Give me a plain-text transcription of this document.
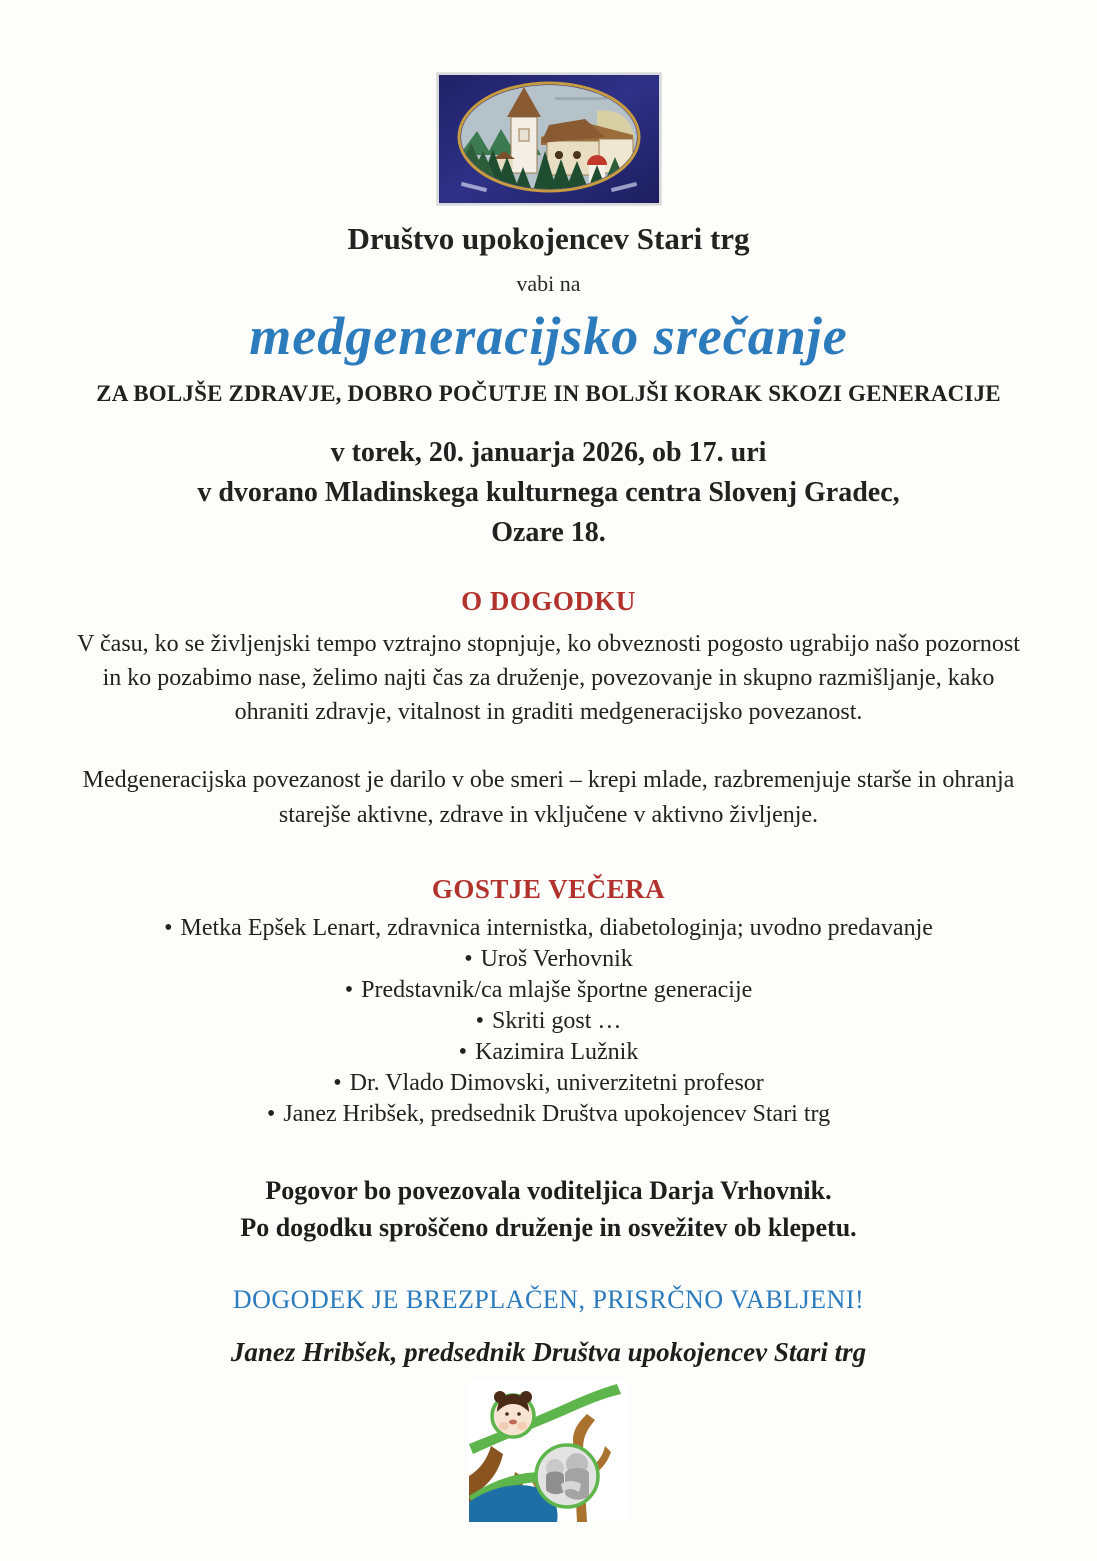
Društvo upokojencev Stari trg
vabi na
medgeneracijsko srečanje
ZA BOLJŠE ZDRAVJE, DOBRO POČUTJE IN BOLJŠI KORAK SKOZI GENERACIJE
v torek, 20. januarja 2026, ob 17. uri
v dvorano Mladinskega kulturnega centra Slovenj Gradec,
Ozare 18.
O DOGODKU
V času, ko se življenjski tempo vztrajno stopnjuje, ko obveznosti pogosto ugrabijo našo pozornost in ko pozabimo nase, želimo najti čas za druženje, povezovanje in skupno razmišljanje, kako ohraniti zdravje, vitalnost in graditi medgeneracijsko povezanost.
Medgeneracijska povezanost je darilo v obe smeri – krepi mlade, razbremenjuje starše in ohranja starejše aktivne, zdrave in vključene v aktivno življenje.
GOSTJE VEČERA
• Metka Epšek Lenart, zdravnica internistka, diabetologinja; uvodno predavanje
• Uroš Verhovnik
• Predstavnik/ca mlajše športne generacije
• Skriti gost …
• Kazimira Lužnik
• Dr. Vlado Dimovski, univerzitetni profesor
• Janez Hribšek, predsednik Društva upokojencev Stari trg
Pogovor bo povezovala voditeljica Darja Vrhovnik.
Po dogodku sproščeno druženje in osvežitev ob klepetu.
DOGODEK JE BREZPLAČEN, PRISRČNO VABLJENI!
Janez Hribšek, predsednik Društva upokojencev Stari trg
